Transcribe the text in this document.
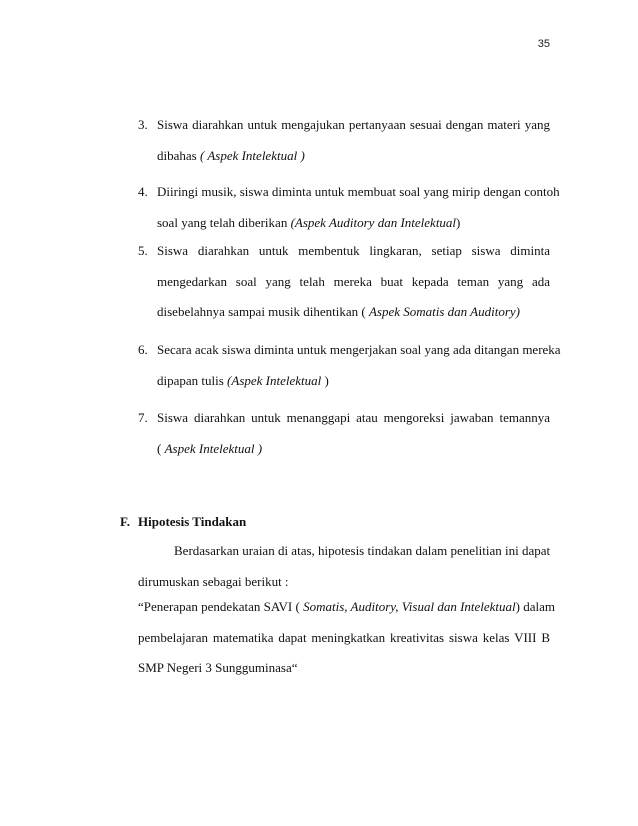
35
3. Siswa diarahkan untuk mengajukan pertanyaan sesuai dengan materi yang
dibahas ( Aspek Intelektual )
4. Diiringi musik, siswa diminta untuk membuat soal yang mirip dengan contoh
soal yang telah diberikan (Aspek Auditory dan Intelektual)
5. Siswa diarahkan untuk membentuk lingkaran, setiap siswa diminta
mengedarkan soal yang telah mereka buat kepada teman yang ada
disebelahnya sampai musik dihentikan ( Aspek Somatis dan Auditory)
6. Secara acak siswa diminta untuk mengerjakan soal yang ada ditangan mereka
dipapan tulis (Aspek Intelektual )
7. Siswa diarahkan untuk menanggapi atau mengoreksi jawaban temannya
( Aspek Intelektual )
F. Hipotesis Tindakan
Berdasarkan uraian di atas, hipotesis tindakan dalam penelitian ini dapat
dirumuskan sebagai berikut :
“Penerapan pendekatan SAVI ( Somatis, Auditory, Visual dan Intelektual) dalam
pembelajaran matematika dapat meningkatkan kreativitas siswa kelas VIII B
SMP Negeri 3 Sungguminasa“
